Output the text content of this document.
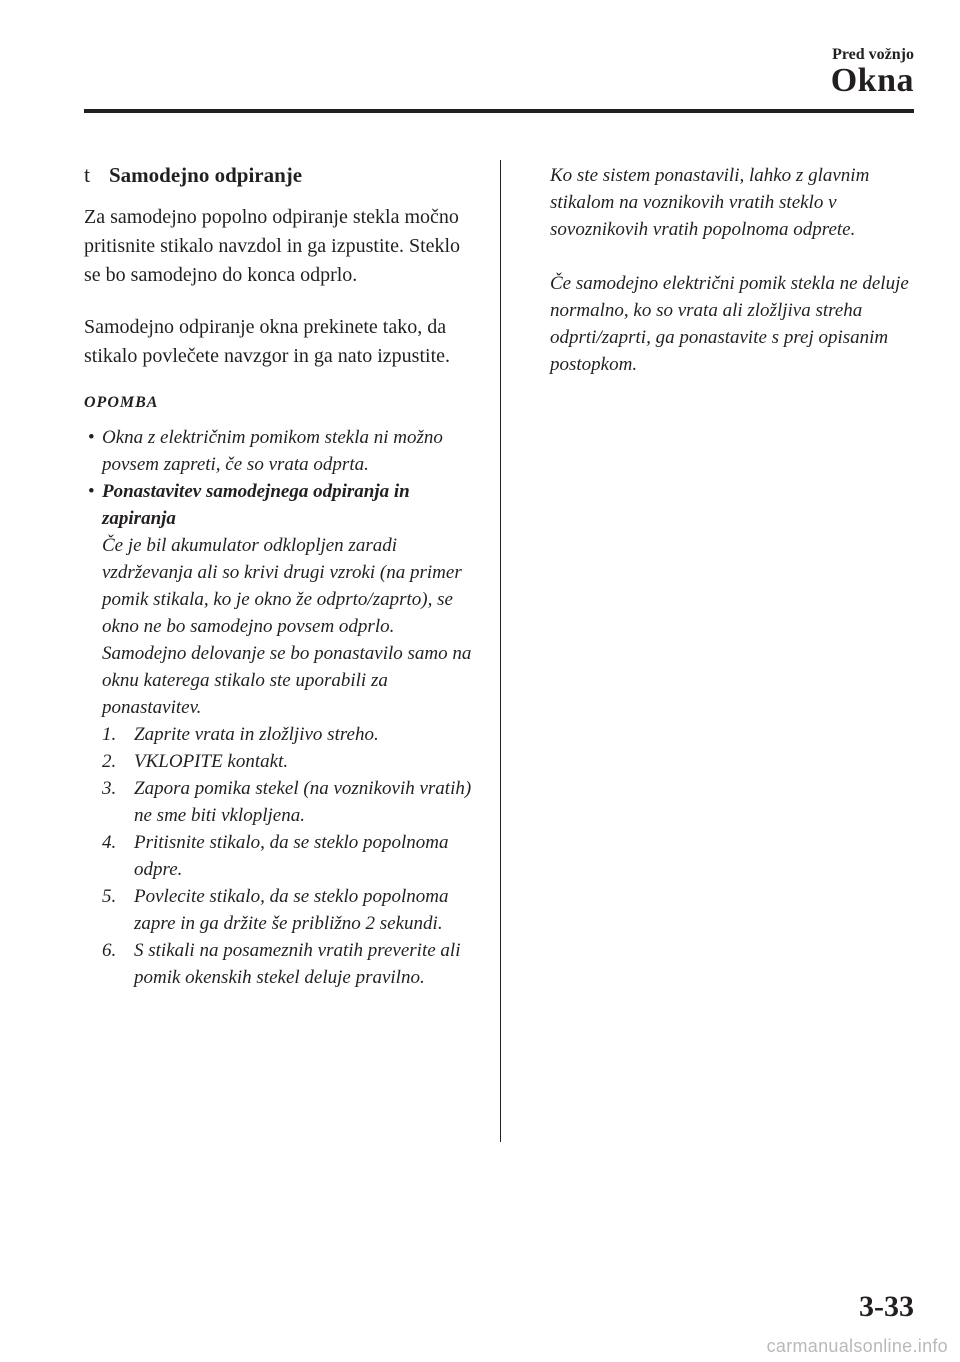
Pred vožnjo
Okna
t Samodejno odpiranje

Za samodejno popolno odpiranje stekla močno pritisnite stikalo navzdol in ga izpustite. Steklo se bo samodejno do konca odprlo.

Samodejno odpiranje okna prekinete tako, da stikalo povlečete navzgor in ga nato izpustite.

OPOMBA
• Okna z električnim pomikom stekla ni možno povsem zapreti, če so vrata odprta.
• Ponastavitev samodejnega odpiranja in zapiranja
Če je bil akumulator odklopljen zaradi vzdrževanja ali so krivi drugi vzroki (na primer pomik stikala, ko je okno že odprto/zaprto), se okno ne bo samodejno povsem odprlo.
Samodejno delovanje se bo ponastavilo samo na oknu katerega stikalo ste uporabili za ponastavitev.
1. Zaprite vrata in zložljivo streho.
2. VKLOPITE kontakt.
3. Zapora pomika stekel (na voznikovih vratih) ne sme biti vklopljena.
4. Pritisnite stikalo, da se steklo popolnoma odpre.
5. Povlecite stikalo, da se steklo popolnoma zapre in ga držite še približno 2 sekundi.
6. S stikali na posameznih vratih preverite ali pomik okenskih stekel deluje pravilno.

Ko ste sistem ponastavili, lahko z glavnim stikalom na voznikovih vratih steklo v sovoznikovih vratih popolnoma odprete.

Če samodejno električni pomik stekla ne deluje normalno, ko so vrata ali zložljiva streha odprti/zaprti, ga ponastavite s prej opisanim postopkom.

3-33
carmanualsonline.info
